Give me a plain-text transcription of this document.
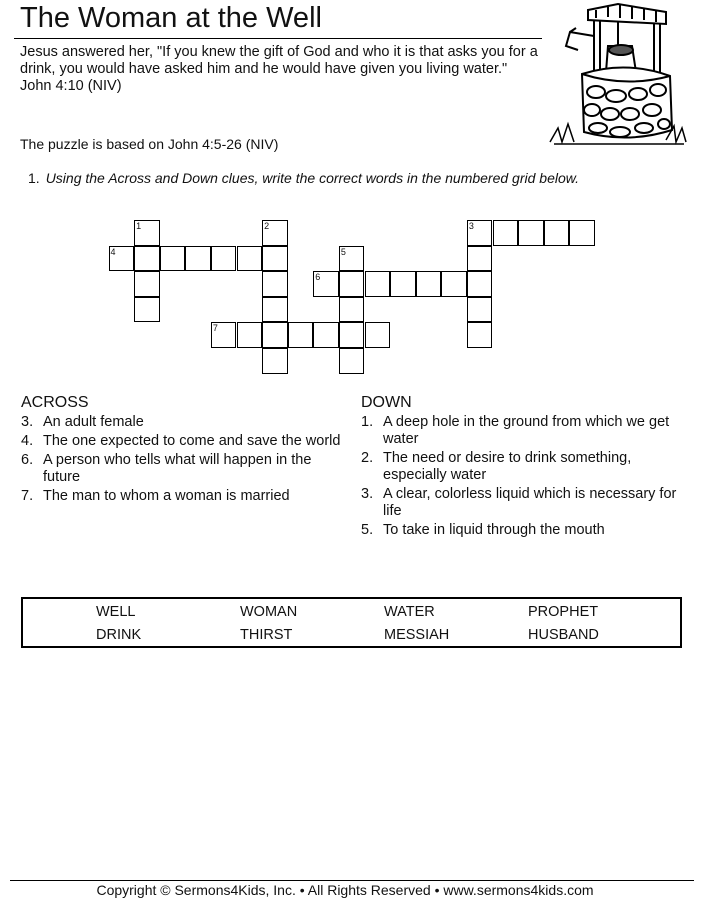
The Woman at the Well
Jesus answered her, "If you knew the gift of God and who it is that asks you for a drink, you would have asked him and he would have given you living water." John 4:10 (NIV)
The puzzle is based on John 4:5-26 (NIV)
1. Using the Across and Down clues, write the correct words in the numbered grid below.
1	2	3
4	5
6
7
ACROSS
3. An adult female
4. The one expected to come and save the world
6. A person who tells what will happen in the future
7. The man to whom a woman is married
DOWN
1. A deep hole in the ground from which we get water
2. The need or desire to drink something, especially water
3. A clear, colorless liquid which is necessary for life
5. To take in liquid through the mouth
WELL	WOMAN	WATER	PROPHET
DRINK	THIRST	MESSIAH	HUSBAND
Copyright © Sermons4Kids, Inc. • All Rights Reserved • www.sermons4kids.com
